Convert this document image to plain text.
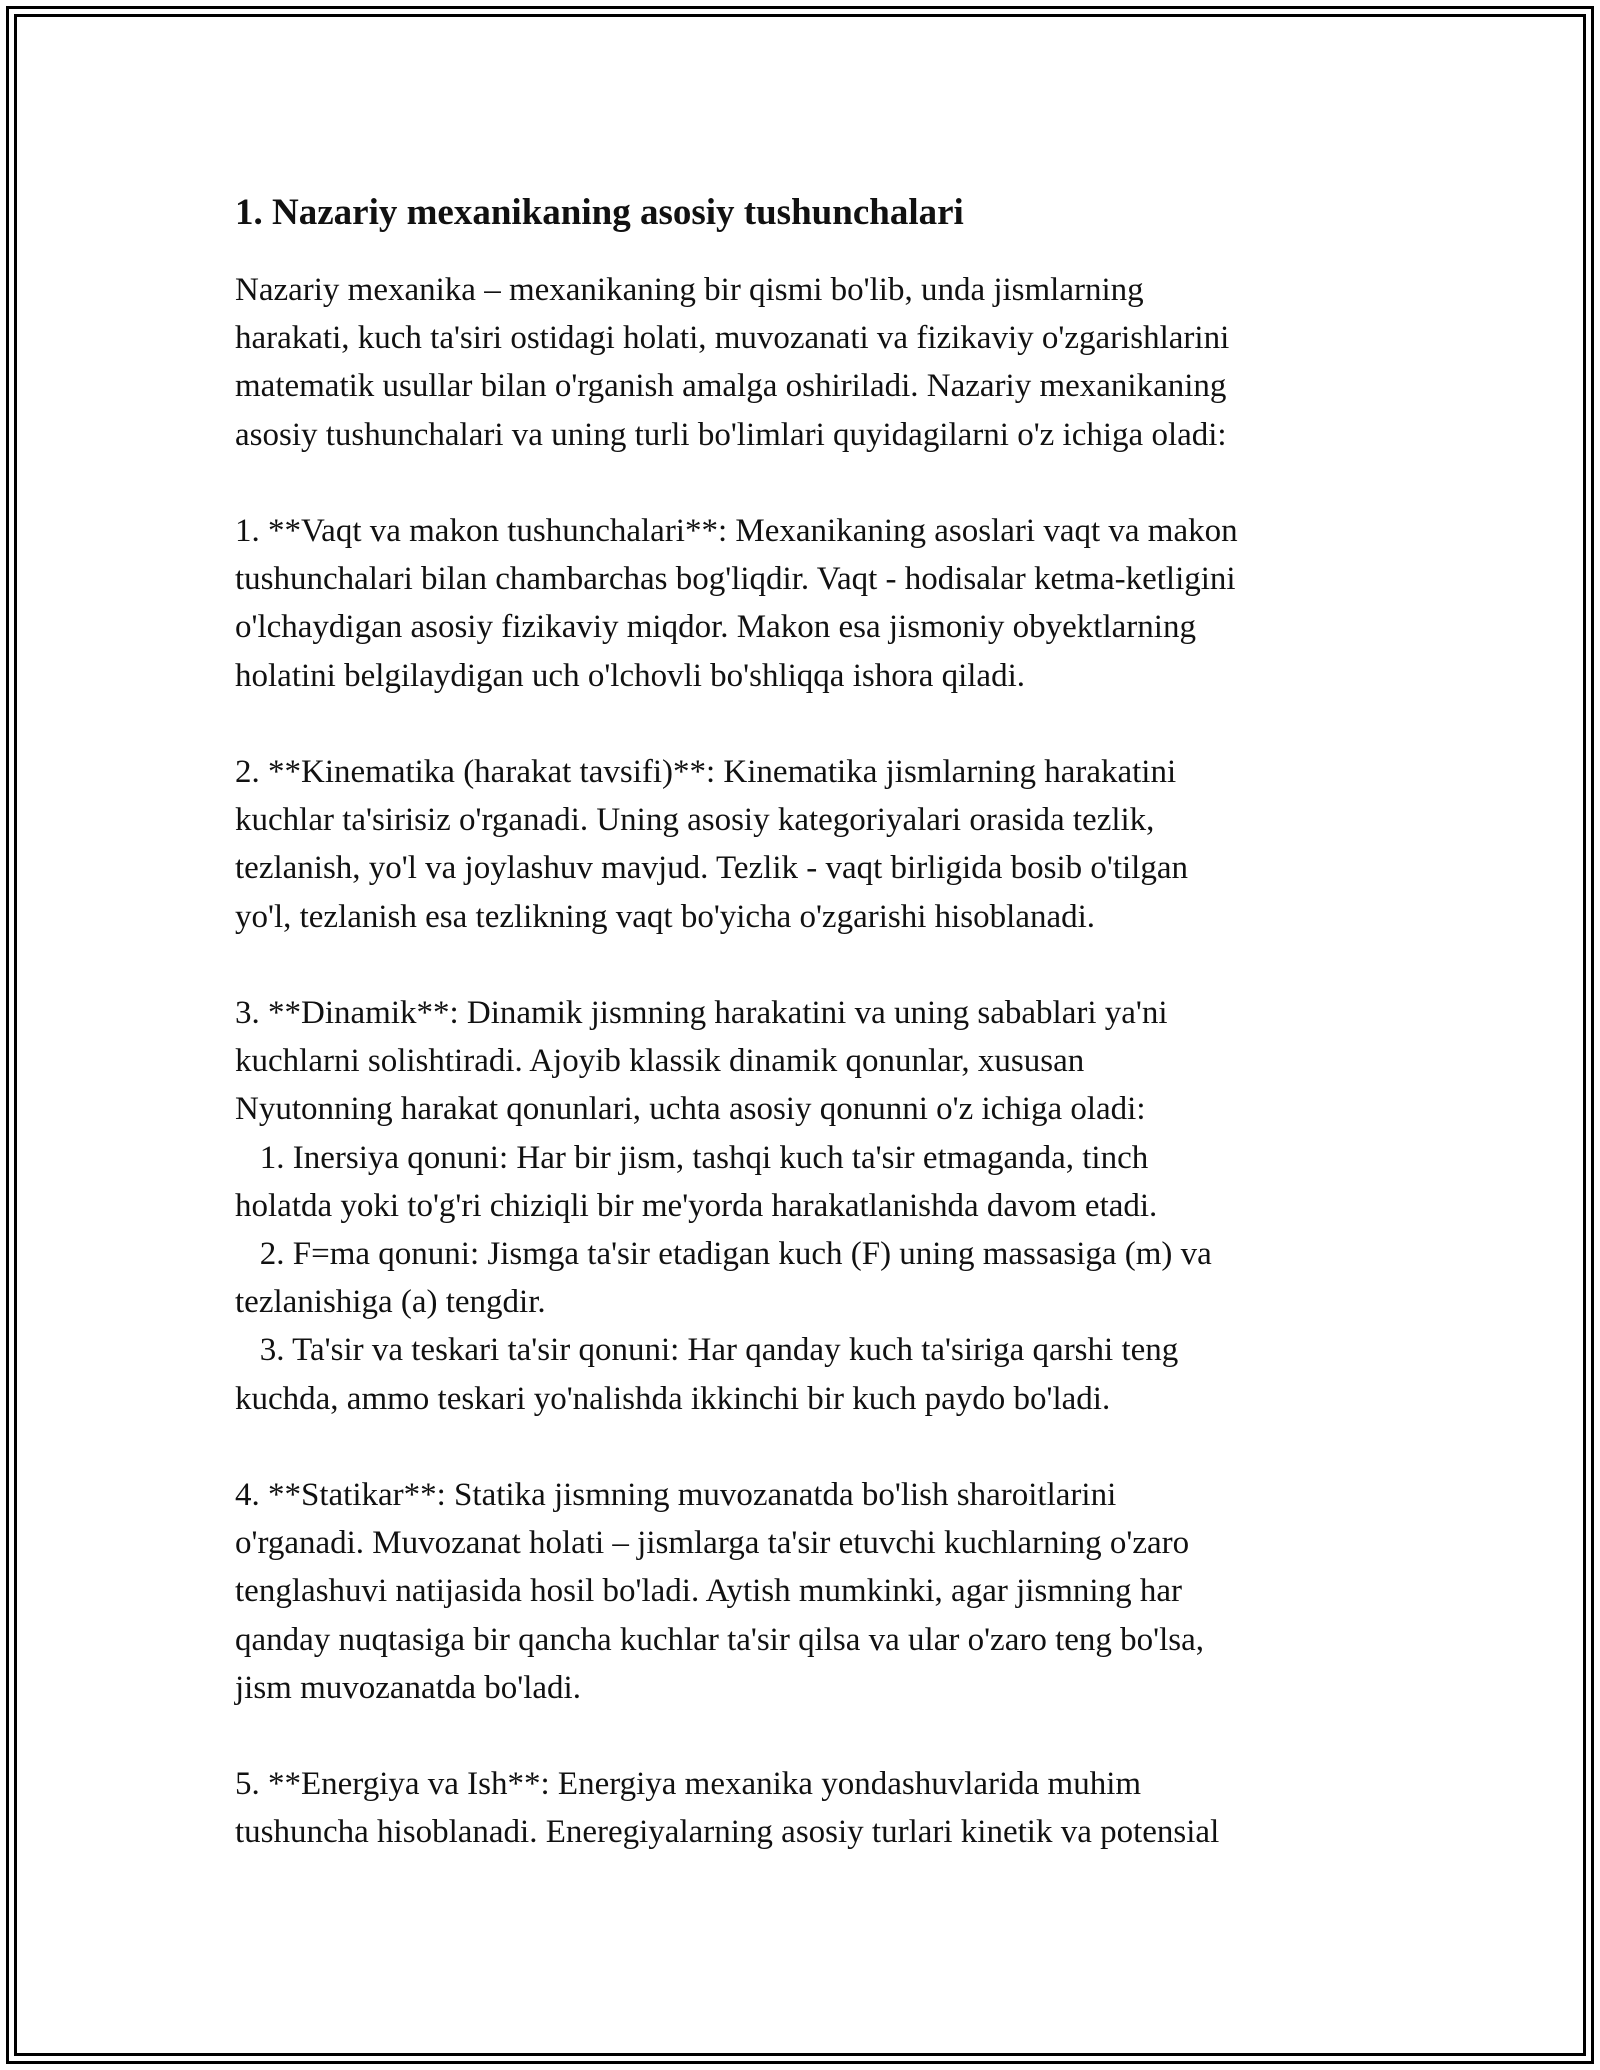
1. Nazariy mexanikaning asosiy tushunchalari
Nazariy mexanika – mexanikaning bir qismi bo'lib, unda jismlarning
harakati, kuch ta'siri ostidagi holati, muvozanati va fizikaviy o'zgarishlarini
matematik usullar bilan o'rganish amalga oshiriladi. Nazariy mexanikaning
asosiy tushunchalari va uning turli bo'limlari quyidagilarni o'z ichiga oladi:
1. **Vaqt va makon tushunchalari**: Mexanikaning asoslari vaqt va makon
tushunchalari bilan chambarchas bog'liqdir. Vaqt - hodisalar ketma-ketligini
o'lchaydigan asosiy fizikaviy miqdor. Makon esa jismoniy obyektlarning
holatini belgilaydigan uch o'lchovli bo'shliqqa ishora qiladi.
2. **Kinematika (harakat tavsifi)**: Kinematika jismlarning harakatini
kuchlar ta'sirisiz o'rganadi. Uning asosiy kategoriyalari orasida tezlik,
tezlanish, yo'l va joylashuv mavjud. Tezlik - vaqt birligida bosib o'tilgan
yo'l, tezlanish esa tezlikning vaqt bo'yicha o'zgarishi hisoblanadi.
3. **Dinamik**: Dinamik jismning harakatini va uning sabablari ya'ni
kuchlarni solishtiradi. Ajoyib klassik dinamik qonunlar, xususan
Nyutonning harakat qonunlari, uchta asosiy qonunni o'z ichiga oladi:
1. Inersiya qonuni: Har bir jism, tashqi kuch ta'sir etmaganda, tinch
holatda yoki to'g'ri chiziqli bir me'yorda harakatlanishda davom etadi.
2. F=ma qonuni: Jismga ta'sir etadigan kuch (F) uning massasiga (m) va
tezlanishiga (a) tengdir.
3. Ta'sir va teskari ta'sir qonuni: Har qanday kuch ta'siriga qarshi teng
kuchda, ammo teskari yo'nalishda ikkinchi bir kuch paydo bo'ladi.
4. **Statikar**: Statika jismning muvozanatda bo'lish sharoitlarini
o'rganadi. Muvozanat holati – jismlarga ta'sir etuvchi kuchlarning o'zaro
tenglashuvi natijasida hosil bo'ladi. Aytish mumkinki, agar jismning har
qanday nuqtasiga bir qancha kuchlar ta'sir qilsa va ular o'zaro teng bo'lsa,
jism muvozanatda bo'ladi.
5. **Energiya va Ish**: Energiya mexanika yondashuvlarida muhim
tushuncha hisoblanadi. Eneregiyalarning asosiy turlari kinetik va potensial
